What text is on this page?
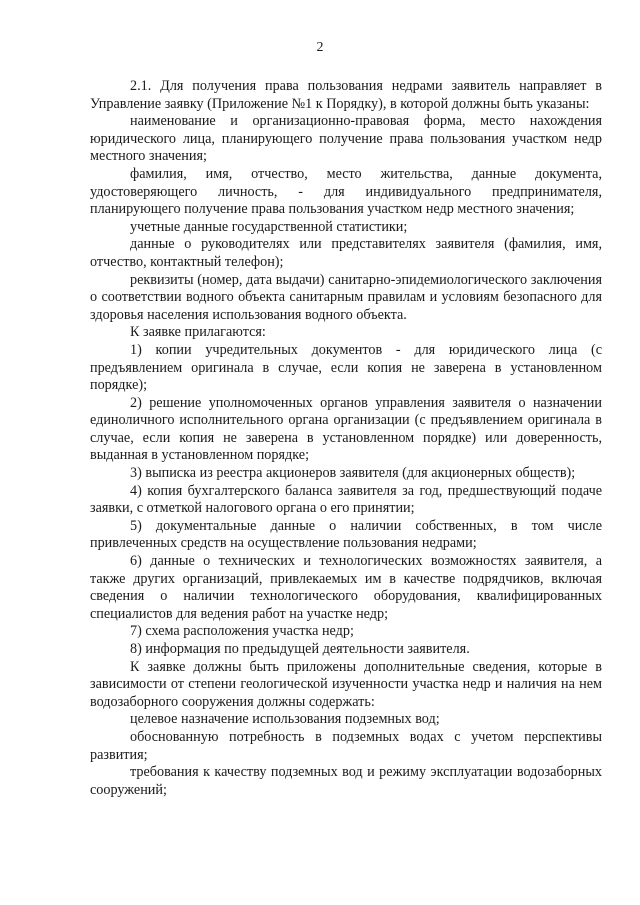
2

2.1. Для получения права пользования недрами заявитель направляет в Управление заявку (Приложение №1 к Порядку), в которой должны быть указаны:

наименование и организационно-правовая форма, место нахождения юридического лица, планирующего получение права пользования участком недр местного значения;

фамилия, имя, отчество, место жительства, данные документа, удостоверяющего личность, - для индивидуального предпринимателя, планирующего получение права пользования участком недр местного значения;

учетные данные государственной статистики;

данные о руководителях или представителях заявителя (фамилия, имя, отчество, контактный телефон);

реквизиты (номер, дата выдачи) санитарно-эпидемиологического заключения о соответствии водного объекта санитарным правилам и условиям безопасного для здоровья населения использования водного объекта.

К заявке прилагаются:

1) копии учредительных документов - для юридического лица (с предъявлением оригинала в случае, если копия не заверена в установленном порядке);

2) решение уполномоченных органов управления заявителя о назначении единоличного исполнительного органа организации (с предъявлением оригинала в случае, если копия не заверена в установленном порядке) или доверенность, выданная в установленном порядке;

3) выписка из реестра акционеров заявителя (для акционерных обществ);

4) копия бухгалтерского баланса заявителя за год, предшествующий подаче заявки, с отметкой налогового органа о его принятии;

5) документальные данные о наличии собственных, в том числе привлеченных средств на осуществление пользования недрами;

6) данные о технических и технологических возможностях заявителя, а также других организаций, привлекаемых им в качестве подрядчиков, включая сведения о наличии технологического оборудования, квалифицированных специалистов для ведения работ на участке недр;

7) схема расположения участка недр;

8) информация по предыдущей деятельности заявителя.

К заявке должны быть приложены дополнительные сведения, которые в зависимости от степени геологической изученности участка недр и наличия на нем водозаборного сооружения должны содержать:

целевое назначение использования подземных вод;

обоснованную потребность в подземных водах с учетом перспективы развития;

требования к качеству подземных вод и режиму эксплуатации водозаборных сооружений;
